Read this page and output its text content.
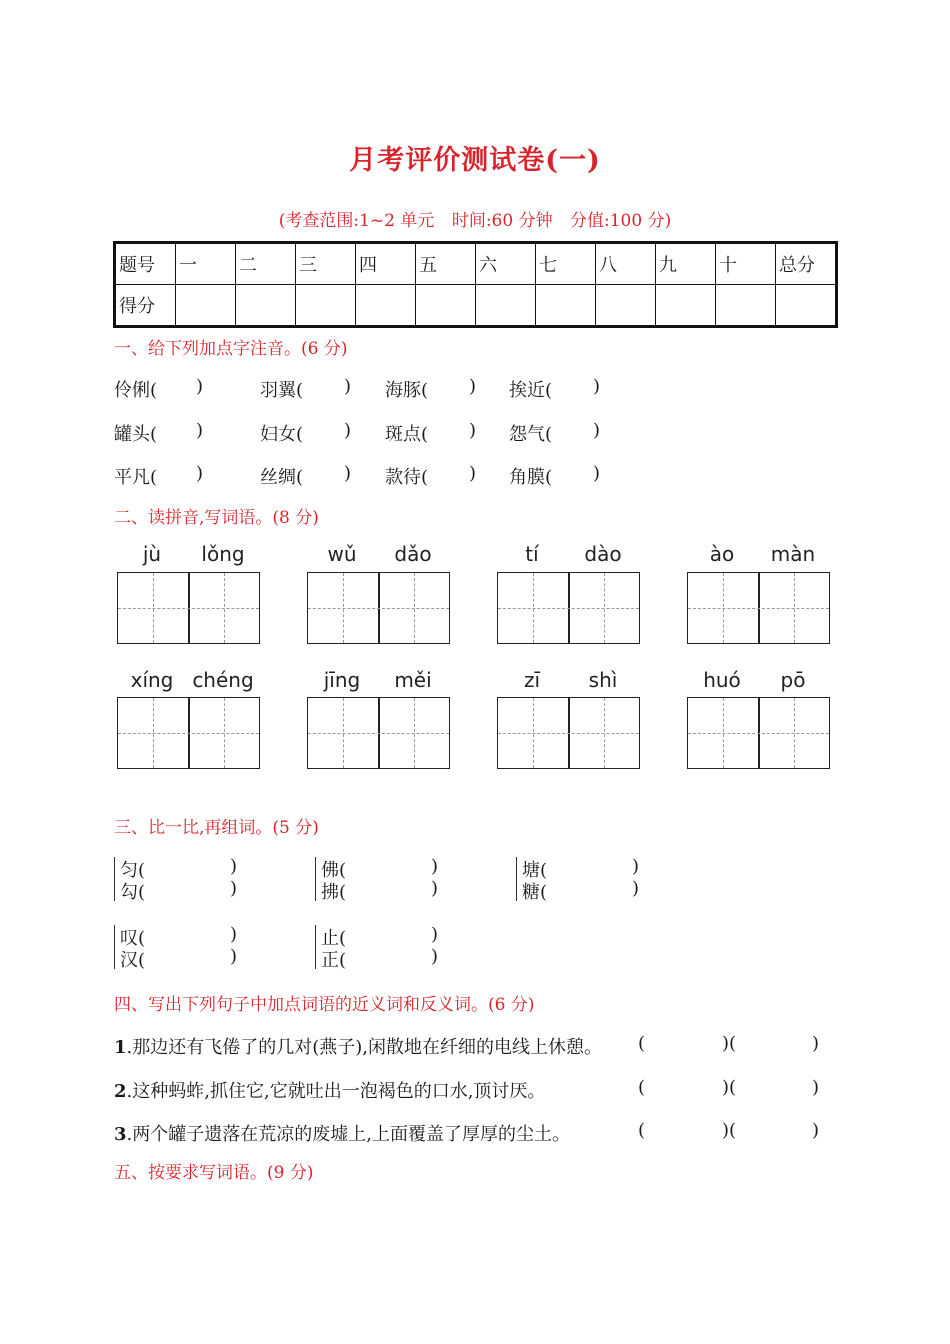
月考评价测试卷(一)
(考查范围:1~2 单元 时间:60 分钟 分值:100 分)
题号	一	二	三	四	五	六	七	八	九	十	总分
得分											
一、给下列加点字注音。(6 分)
伶俐( )	羽翼( ) 海豚( ) 挨近( )
罐头( )	妇女( ) 斑点( ) 怨气( )
平凡( )	丝绸( ) 款待( ) 角膜( )
二、读拼音,写词语。(8 分)
jù	lǒng	wǔ	dǎo	tí	dào	ào	màn
xíng chéng	jīng	měi	zī	shì	huó	pō
三、比一比,再组词。(5 分)
匀(	)
勾(	)
佛(	)
拂(	)
塘(	)
糖(	)
叹(	)
汉(	)
止(	)
正(	)
四、写出下列句子中加点词语的近义词和反义词。(6 分)
1.那边还有飞倦了的几对(燕子),闲散地在纤细的电线上休憩。 (	)(	)
2.这种蚂蚱,抓住它,它就吐出一泡褐色的口水,顶讨厌。	(	)(	)
3.两个罐子遗落在荒凉的废墟上,上面覆盖了厚厚的尘土。	(	)(	)
五、按要求写词语。(9 分)
